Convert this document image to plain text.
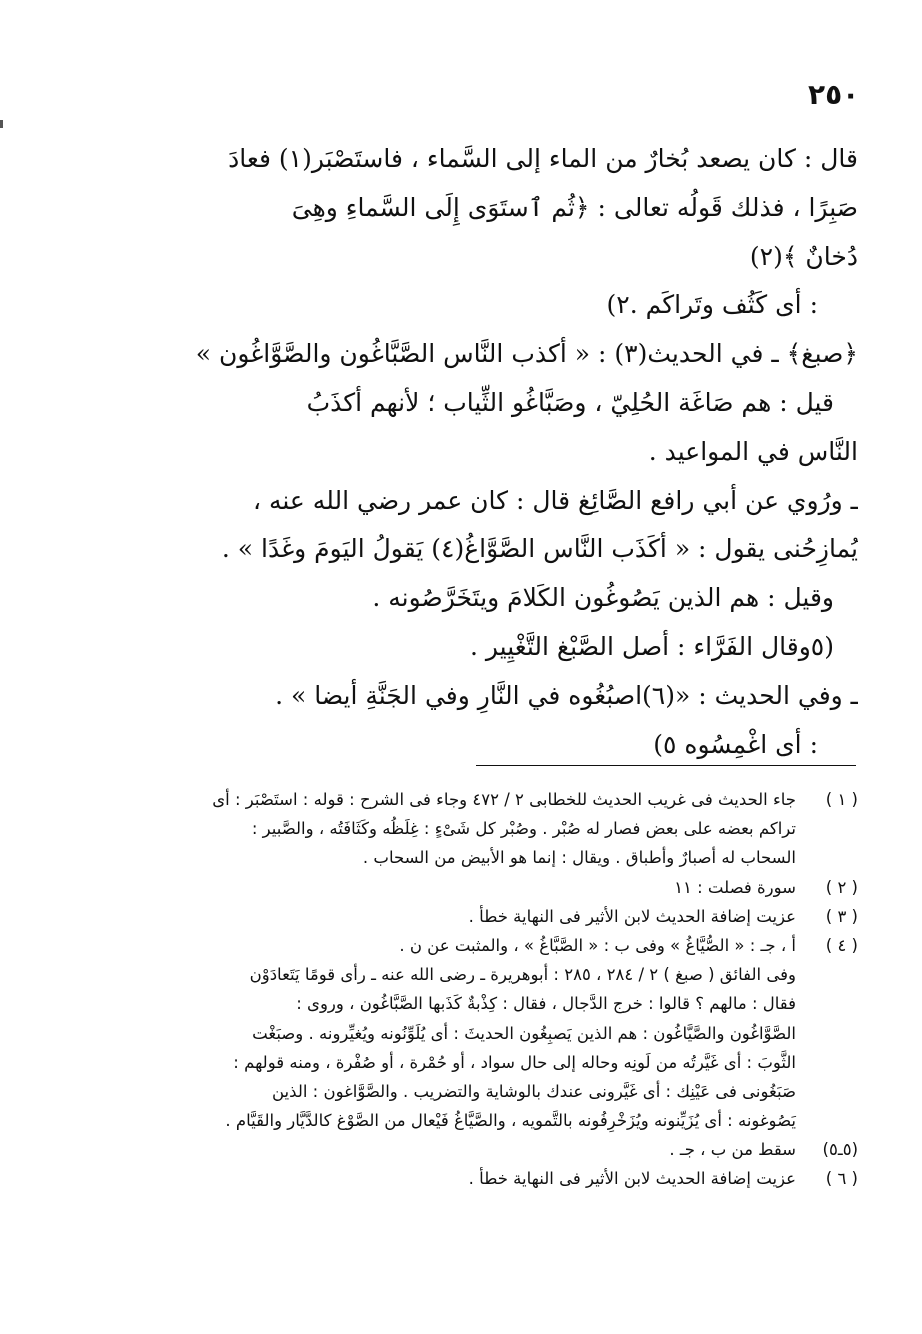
٢٥٠
قال : كان يصعد بُخارٌ من الماء إلى السَّماء ، فاستَصْبَر(١) فعادَ
صَبِرًا ، فذلك قَولُه تعالى : ﴿ثُم ٱستَوَى إِلَى السَّماءِ وهِىَ
دُخانٌ ﴾(٢)
: أى كَثُف وتَراكَم .٢)
﴿صبغ﴾ ـ في الحديث(٣) : « أكذب النَّاس الصَّبَّاغُون والصَّوَّاغُون »
قيل : هم صَاغَة الحُلِيّ ، وصَبَّاغُو الثِّياب ؛ لأنهم أكذَبُ
النَّاس في المواعيد .
ـ ورُوي عن أبي رافع الصَّائِغ قال : كان عمر رضي الله عنه ،
يُمازِحُنى يقول : « أكَذَب النَّاس الصَّوَّاغُ(٤) يَقولُ اليَومَ وغَدًا » .
وقيل : هم الذين يَصُوغُون الكَلامَ ويتَخَرَّصُونه .
(٥وقال الفَرَّاء : أصل الصَّبْغ التَّغْيِير .
ـ وفي الحديث : «(٦)اصبُغُوه في النَّارِ وفي الجَنَّةِ أيضا » .
: أى اغْمِسُوه ٥)
( ١ )
جاء الحديث فى غريب الحديث للخطابى ٢ / ٤٧٢ وجاء فى الشرح : قوله : استَصْبَر : أى
تراكم بعضه على بعض فصار له صُبْر . وصُبْر كل شَىْءٍ : غِلَظُه وكَثَافَتُه ، والصَّبير :
السحاب له أصبارٌ وأطباق . ويقال : إنما هو الأبيض من السحاب .
( ٢ )
سورة فصلت : ١١
( ٣ )
عزيت إضافة الحديث لابن الأثير فى النهاية خطأ .
( ٤ )
أ ، جـ : « الصُّيَّاغُ » وفى ب : « الصَّبَّاغُ » ، والمثبت عن ن .
وفى الفائق ( صبغ ) ٢ / ٢٨٤ ، ٢٨٥ : أبوهريرة ـ رضى الله عنه ـ رأى قومًا يَتَعادَوْن
فقال : مالهم ؟ قالوا : خرج الدَّجال ، فقال : كِذْبةٌ كَذَبها الصَّبَّاغُون ، وروى :
الصَّوَّاغُون والصَّيَّاغُون : هم الذين يَصبِغُون الحديثَ : أى يُلَوِّنُونه ويُغيِّرونه . وصبَغْت
الثَّوبَ : أى غَيَّرتُه من لَونِه وحاله إلى حال سواد ، أو حُمْرة ، أو صُفْرة ، ومنه قولهم :
صَبَغُونى فى عَيْنِك : أى غَيَّرونى عندك بالوشاية والتضريب . والصَّوَّاغون : الذين
يَصُوغونه : أى يُزَيِّنونه ويُزَخْرِفُونه بالتَّمويه ، والصَّيَّاغُ فَيْعال من الصَّوْغ كالدَّيَّار والقَيَّام .
(٥ـ٥)
سقط من ب ، جـ .
( ٦ )
عزيت إضافة الحديث لابن الأثير فى النهاية خطأ .
